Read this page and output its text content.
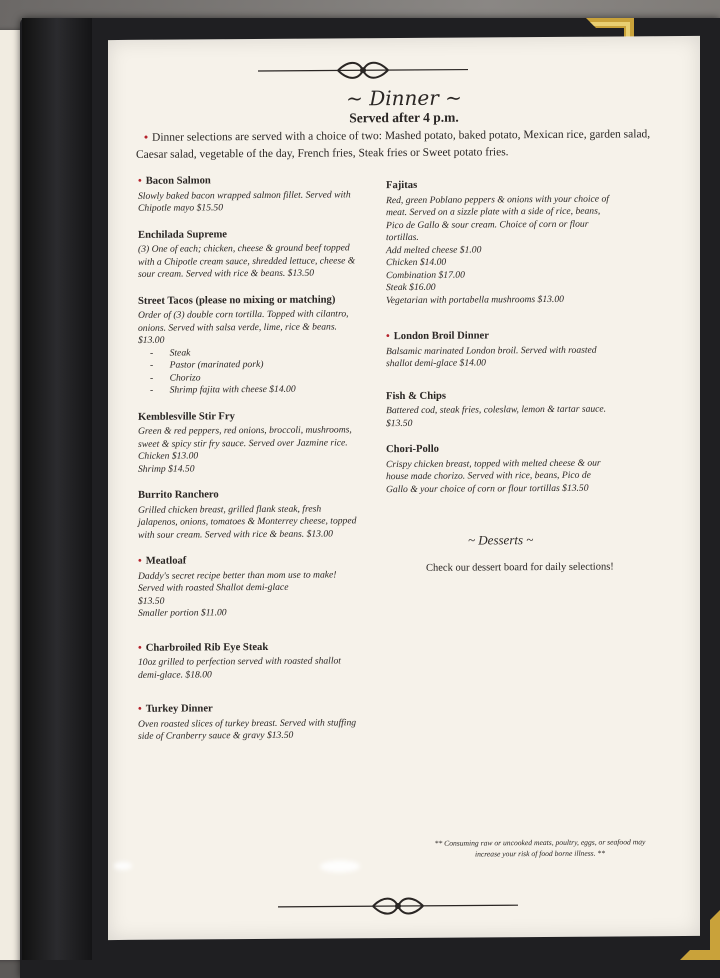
~ Dinner ~
Served after 4 p.m.
• Dinner selections are served with a choice of two: Mashed potato, baked potato, Mexican rice, garden salad, Caesar salad, vegetable of the day, French fries, Steak fries or Sweet potato fries.
• Bacon Salmon
Slowly baked bacon wrapped salmon fillet. Served with
Chipotle mayo $15.50
Enchilada Supreme
(3) One of each; chicken, cheese & ground beef topped
with a Chipotle cream sauce, shredded lettuce, cheese &
sour cream. Served with rice & beans. $13.50
Street Tacos (please no mixing or matching)
Order of (3) double corn tortilla. Topped with cilantro,
onions. Served with salsa verde, lime, rice & beans.
$13.00
- Steak
- Pastor (marinated pork)
- Chorizo
- Shrimp fajita with cheese $14.00
Kemblesville Stir Fry
Green & red peppers, red onions, broccoli, mushrooms,
sweet & spicy stir fry sauce. Served over Jazmine rice.
Chicken $13.00
Shrimp $14.50
Burrito Ranchero
Grilled chicken breast, grilled flank steak, fresh
jalapenos, onions, tomatoes & Monterrey cheese, topped
with sour cream. Served with rice & beans. $13.00
• Meatloaf
Daddy's secret recipe better than mom use to make!
Served with roasted Shallot demi-glace
$13.50
Smaller portion $11.00
• Charbroiled Rib Eye Steak
10oz grilled to perfection served with roasted shallot
demi-glace. $18.00
• Turkey Dinner
Oven roasted slices of turkey breast. Served with stuffing
side of Cranberry sauce & gravy $13.50
Fajitas
Red, green Poblano peppers & onions with your choice of
meat. Served on a sizzle plate with a side of rice, beans,
Pico de Gallo & sour cream. Choice of corn or flour
tortillas.
Add melted cheese $1.00
Chicken $14.00
Combination $17.00
Steak $16.00
Vegetarian with portabella mushrooms $13.00
• London Broil Dinner
Balsamic marinated London broil. Served with roasted
shallot demi-glace $14.00
Fish & Chips
Battered cod, steak fries, coleslaw, lemon & tartar sauce.
$13.50
Chori-Pollo
Crispy chicken breast, topped with melted cheese & our
house made chorizo. Served with rice, beans, Pico de
Gallo & your choice of corn or flour tortillas $13.50
~ Desserts ~
Check our dessert board for daily selections!
** Consuming raw or uncooked meats, poultry, eggs, or seafood may
increase your risk of food borne illness. **
